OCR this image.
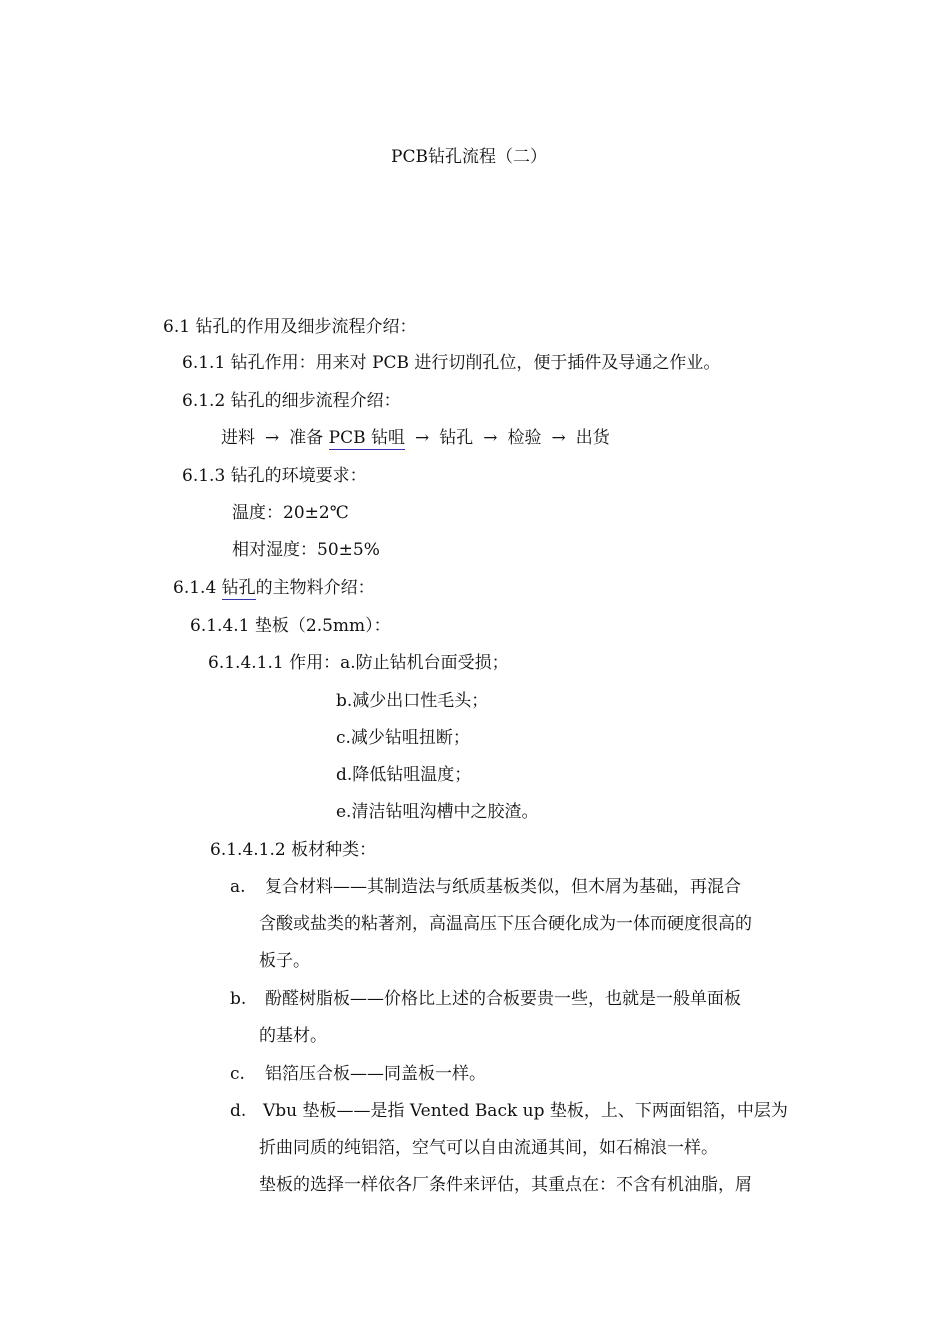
PCB钻孔流程（二）
6.1 钻孔的作用及细步流程介绍：
6.1.1 钻孔作用：用来对 PCB 进行切削孔位，便于插件及导通之作业。
6.1.2 钻孔的细步流程介绍：
进料 → 准备 PCB 钻咀 → 钻孔 → 检验 → 出货
6.1.3 钻孔的环境要求：
温度：20±2℃
相对湿度：50±5%
6.1.4 钻孔的主物料介绍：
6.1.4.1 垫板（2.5mm）：
6.1.4.1.1 作用：a.防止钻机台面受损；
b.减少出口性毛头；
c.减少钻咀扭断；
d.降低钻咀温度；
e.清洁钻咀沟槽中之胶渣。
6.1.4.1.2 板材种类：
a. 复合材料——其制造法与纸质基板类似，但木屑为基础，再混合
含酸或盐类的粘著剂，高温高压下压合硬化成为一体而硬度很高的
板子。
b. 酚醛树脂板——价格比上述的合板要贵一些，也就是一般单面板
的基材。
c. 铝箔压合板——同盖板一样。
d. Vbu 垫板——是指 Vented Back up 垫板，上、下两面铝箔，中层为
折曲同质的纯铝箔，空气可以自由流通其间，如石棉浪一样。
垫板的选择一样依各厂条件来评估，其重点在：不含有机油脂，屑
